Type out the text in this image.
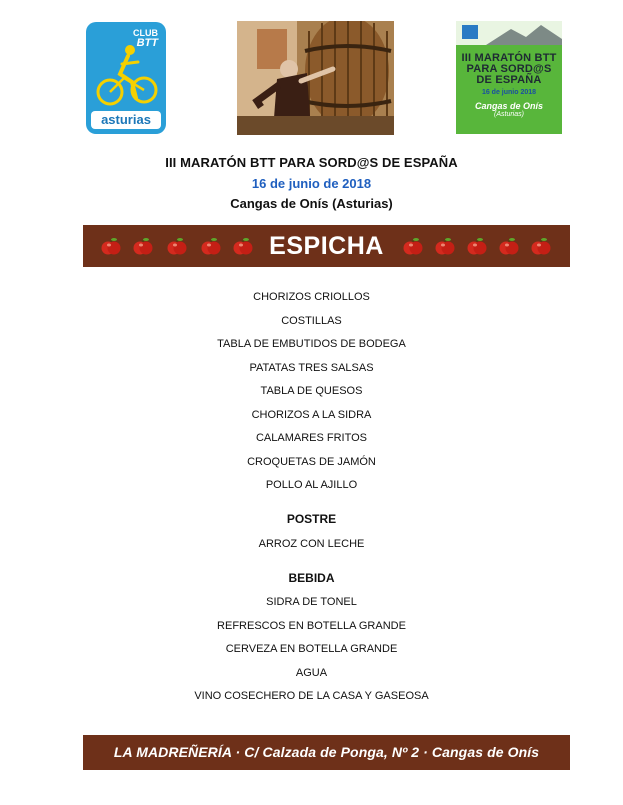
CLUB
BTT
asturias
III MARATÓN BTT PARA SORD@S DE ESPAÑA
16 de junio 2018
Cangas de Onís
(Asturias)
III MARATÓN BTT PARA SORD@S DE ESPAÑA
16 de junio de 2018
Cangas de Onís (Asturias)
ESPICHA
CHORIZOS CRIOLLOS
COSTILLAS
TABLA DE EMBUTIDOS DE BODEGA
PATATAS TRES SALSAS
TABLA DE QUESOS
CHORIZOS A LA SIDRA
CALAMARES FRITOS
CROQUETAS DE JAMÓN
POLLO AL AJILLO
POSTRE
ARROZ CON LECHE
BEBIDA
SIDRA DE TONEL
REFRESCOS EN BOTELLA GRANDE
CERVEZA EN BOTELLA GRANDE
AGUA
VINO COSECHERO DE LA CASA Y GASEOSA
LA MADREÑERÍA · C/ Calzada de Ponga, Nº 2 · Cangas de Onís (Asturias)
